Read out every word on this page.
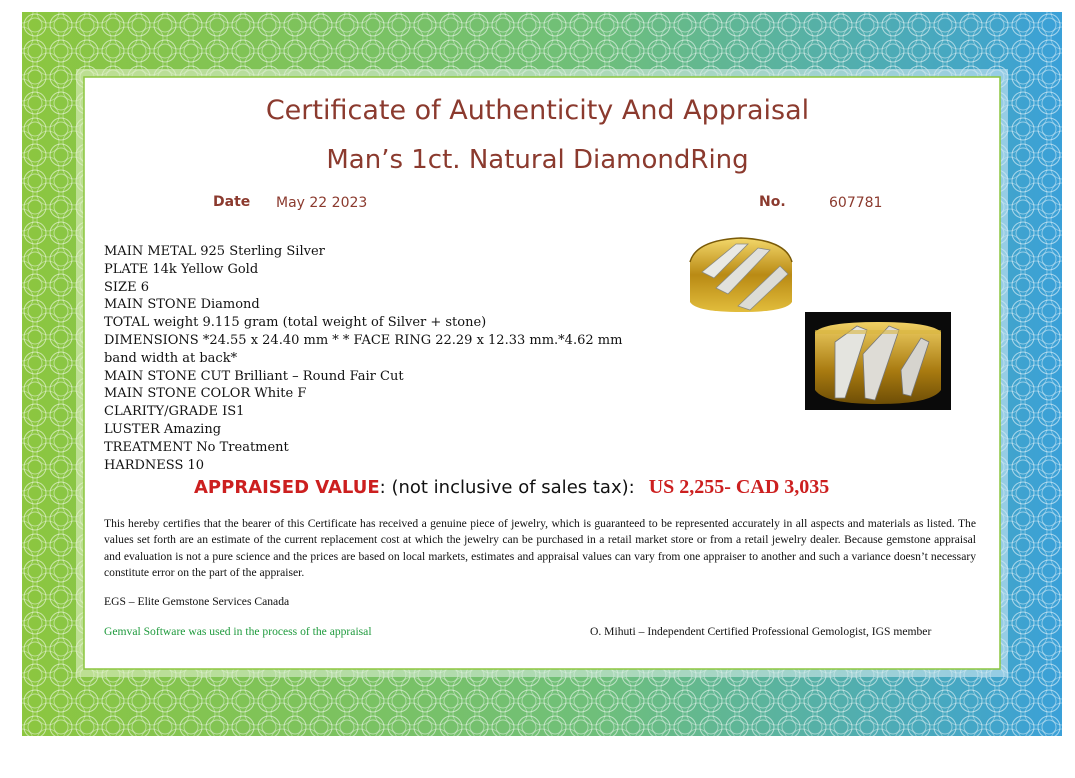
Certificate of Authenticity And Appraisal
Man’s 1ct. Natural DiamondRing
Date May 22 2023	No.	607781
MAIN METAL 925 Sterling Silver
PLATE 14k Yellow Gold
SIZE 6
MAIN STONE Diamond
TOTAL weight 9.115 gram (total weight of Silver + stone)
DIMENSIONS *24.55 x 24.40 mm * * FACE RING 22.29 x 12.33 mm.*4.62 mm band width at back*
MAIN STONE CUT Brilliant – Round Fair Cut
MAIN STONE COLOR White F
CLARITY/GRADE IS1
LUSTER Amazing
TREATMENT No Treatment
HARDNESS 10
APPRAISED VALUE: (not inclusive of sales tax): US 2,255- CAD 3,035
This hereby certifies that the bearer of this Certificate has received a genuine piece of jewelry, which is guaranteed to be represented accurately in all aspects and materials as listed. The values set forth are an estimate of the current replacement cost at which the jewelry can be purchased in a retail market store or from a retail jewelry dealer. Because gemstone appraisal and evaluation is not a pure science and the prices are based on local markets, estimates and appraisal values can vary from one appraiser to another and such a variance doesn’t necessary constitute error on the part of the appraiser.
EGS – Elite Gemstone Services Canada
Gemval Software was used in the process of the appraisal	O. Mihuti – Independent Certified Professional Gemologist, IGS member
